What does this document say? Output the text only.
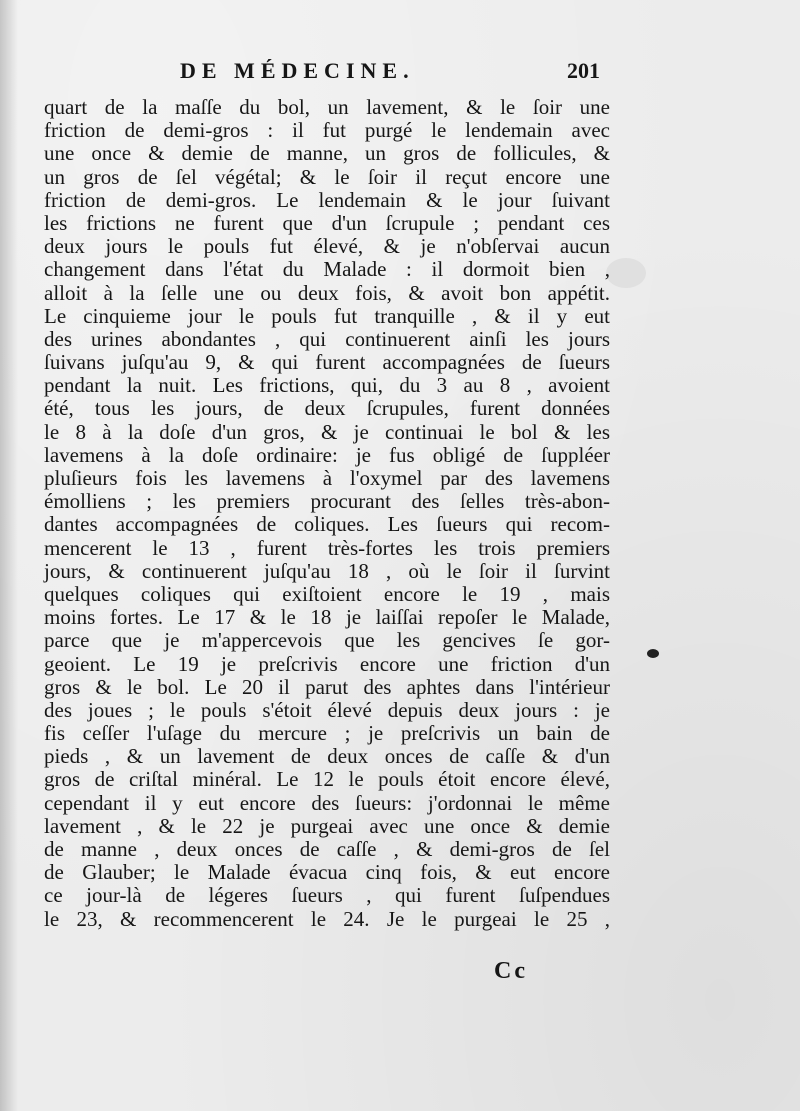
DE MÉDECINE.	201
quart de la maſſe du bol, un lavement, & le ſoir une
friction de demi-gros : il fut purgé le lendemain avec
une once & demie de manne, un gros de follicules, &
un gros de ſel végétal; & le ſoir il reçut encore une
friction de demi-gros. Le lendemain & le jour ſuivant
les frictions ne furent que d'un ſcrupule ; pendant ces
deux jours le pouls fut élevé, & je n'obſervai aucun
changement dans l'état du Malade : il dormoit bien ,
alloit à la ſelle une ou deux fois, & avoit bon appétit.
Le cinquieme jour le pouls fut tranquille , & il y eut
des urines abondantes , qui continuerent ainſi les jours
ſuivans juſqu'au 9, & qui furent accompagnées de ſueurs
pendant la nuit. Les frictions, qui, du 3 au 8 , avoient
été, tous les jours, de deux ſcrupules, furent données
le 8 à la doſe d'un gros, & je continuai le bol & les
lavemens à la doſe ordinaire: je fus obligé de ſuppléer
pluſieurs fois les lavemens à l'oxymel par des lavemens
émolliens ; les premiers procurant des ſelles très-abon-
dantes accompagnées de coliques. Les ſueurs qui recom-
mencerent le 13 , furent très-fortes les trois premiers
jours, & continuerent juſqu'au 18 , où le ſoir il ſurvint
quelques coliques qui exiſtoient encore le 19 , mais
moins fortes. Le 17 & le 18 je laiſſai repoſer le Malade,
parce que je m'appercevois que les gencives ſe gor-
geoient. Le 19 je preſcrivis encore une friction d'un
gros & le bol. Le 20 il parut des aphtes dans l'intérieur
des joues ; le pouls s'étoit élevé depuis deux jours : je
fis ceſſer l'uſage du mercure ; je preſcrivis un bain de
pieds , & un lavement de deux onces de caſſe & d'un
gros de criſtal minéral. Le 12 le pouls étoit encore élevé,
cependant il y eut encore des ſueurs: j'ordonnai le même
lavement , & le 22 je purgeai avec une once & demie
de manne , deux onces de caſſe , & demi-gros de ſel
de Glauber; le Malade évacua cinq fois, & eut encore
ce jour-là de légeres ſueurs , qui furent ſuſpendues
le 23, & recommencerent le 24. Je le purgeai le 25 ,
Cc
